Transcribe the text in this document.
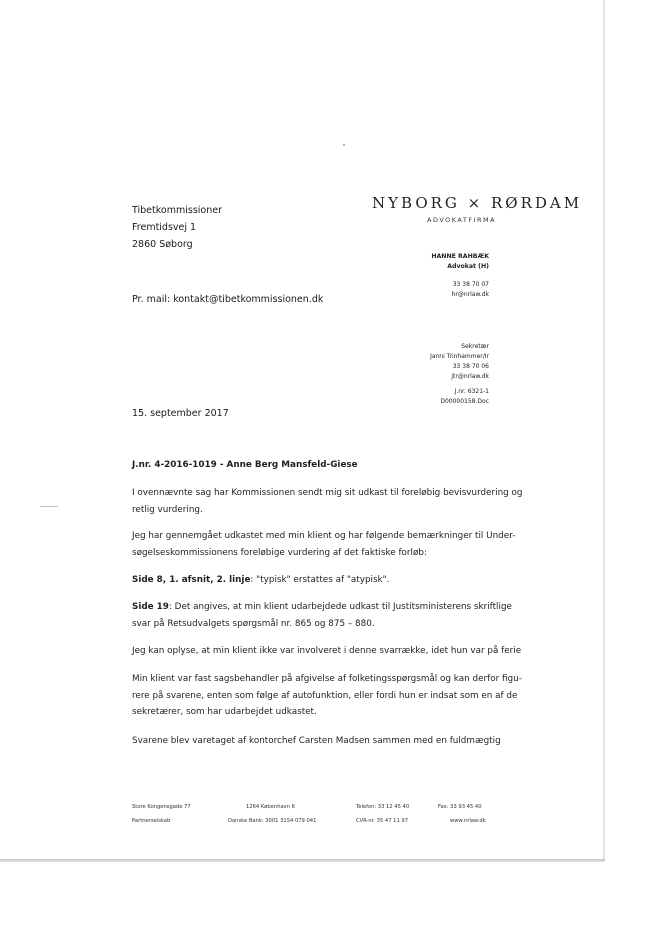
Tibetkommissioner
Fremtidsvej 1
2860 Søborg
Pr. mail: kontakt@tibetkommissionen.dk
NYBORG × RØRDAM
ADVOKATFIRMA
HANNE RAHBÆK
Advokat (H)
33 38 70 07
hr@nrlaw.dk
Sekretær
Janni Trinhammer/Ir
33 38 70 06
jtr@nrlaw.dk
J.nr. 6321-1
D00000158.Doc
15. september 2017
J.nr. 4-2016-1019 - Anne Berg Mansfeld-Giese
I ovennævnte sag har Kommissionen sendt mig sit udkast til foreløbig bevisvurdering og
retlig vurdering.
Jeg har gennemgået udkastet med min klient og har følgende bemærkninger til Under-
søgelseskommissionens foreløbige vurdering af det faktiske forløb:
Side 8, 1. afsnit, 2. linje: "typisk" erstattes af "atypisk".
Side 19: Det angives, at min klient udarbejdede udkast til Justitsministerens skriftlige
svar på Retsudvalgets spørgsmål nr. 865 og 875 – 880.
Jeg kan oplyse, at min klient ikke var involveret i denne svarrække, idet hun var på ferie
Min klient var fast sagsbehandler på afgivelse af folketingsspørgsmål og kan derfor figu-
rere på svarene, enten som følge af autofunktion, eller fordi hun er indsat som en af de
sekretærer, som har udarbejdet udkastet.
Svarene blev varetaget af kontorchef Carsten Madsen sammen med en fuldmægtig
Store Kongensgade 77	1264 København K	Telefon: 33 12 45 40	Fax: 33 93 45 40
Partnerselskab	Danske Bank: 3001 3154 079 041	CVR-nr. 35 47 11 97	www.nrlaw.dk
